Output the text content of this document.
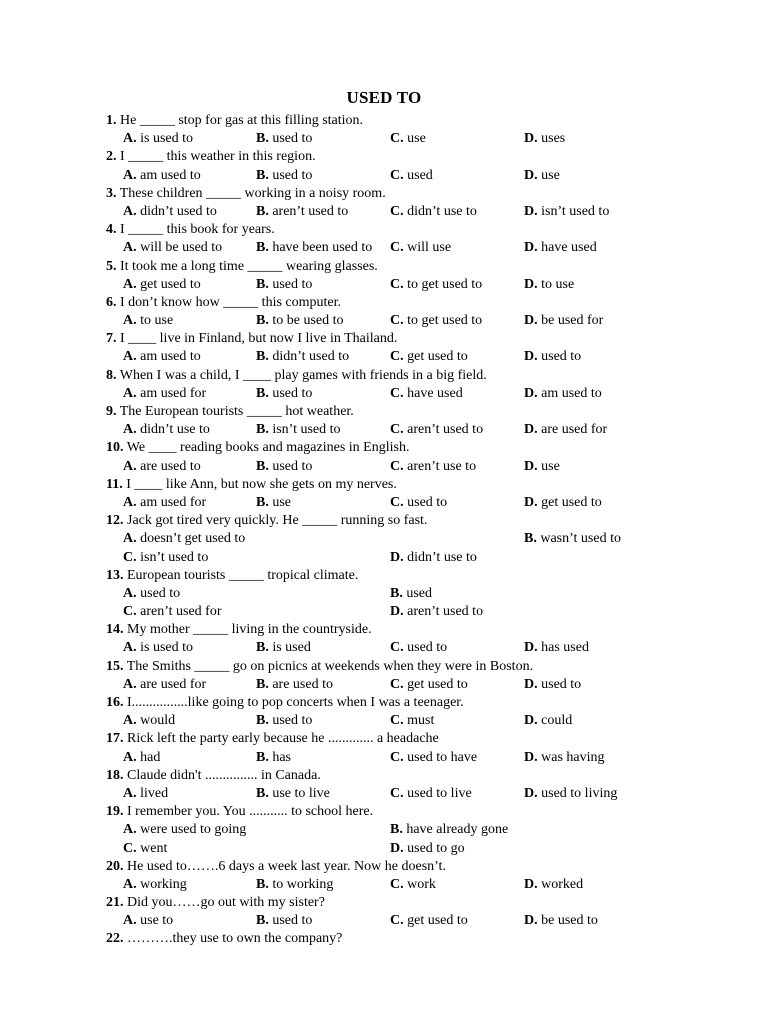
USED TO
1. He _____ stop for gas at this filling station.
A. is used to	B. used to	C. use	D. uses
2. I _____ this weather in this region.
A. am used to	B. used to	C. used	D. use
3. These children _____ working in a noisy room.
A. didn’t used to	B. aren’t used to	C. didn’t use to	D. isn’t used to
4. I _____ this book for years.
A. will be used to B. have been used to C. will use	D. have used
5. It took me a long time _____ wearing glasses.
A. get used to	B. used to	C. to get used to	D. to use
6. I don’t know how _____ this computer.
A. to use	B. to be used to	C. to get used to	D. be used for
7. I ____ live in Finland, but now I live in Thailand.
A. am used to	B. didn’t used to	C. get used to	D. used to
8. When I was a child, I ____ play games with friends in a big field.
A. am used for	B. used to	C. have used	D. am used to
9. The European tourists _____ hot weather.
A. didn’t use to	B. isn’t used to	C. aren’t used to	D. are used for
10. We ____ reading books and magazines in English.
A. are used to	B. used to	C. aren’t use to	D. use
11. I ____ like Ann, but now she gets on my nerves.
A. am used for	B. use	C. used to	D. get used to
12. Jack got tired very quickly. He _____ running so fast.
A. doesn’t get used to	B. wasn’t used to
C. isn’t used to	D. didn’t use to
13. European tourists _____ tropical climate.
A. used to	B. used
C. aren’t used for	D. aren’t used to
14. My mother _____ living in the countryside.
A. is used to	B. is used	C. used to	D. has used
15. The Smiths _____ go on picnics at weekends when they were in Boston.
A. are used for	B. are used to	C. get used to	D. used to
16. I................like going to pop concerts when I was a teenager.
A. would	B. used to	C. must	D. could
17. Rick left the party early because he ............. a headache
A. had	B. has	C. used to have	D. was having
18. Claude didn't ............... in Canada.
A. lived	B. use to live	C. used to live	D. used to living
19. I remember you. You ........... to school here.
A. were used to going	B. have already gone
C. went	D. used to go
20. He used to…….6 days a week last year. Now he doesn’t.
A. working	B. to working	C. work	D. worked
21. Did you……go out with my sister?
A. use to	B. used to	C. get used to	D. be used to
22. ……….they use to own the company?
